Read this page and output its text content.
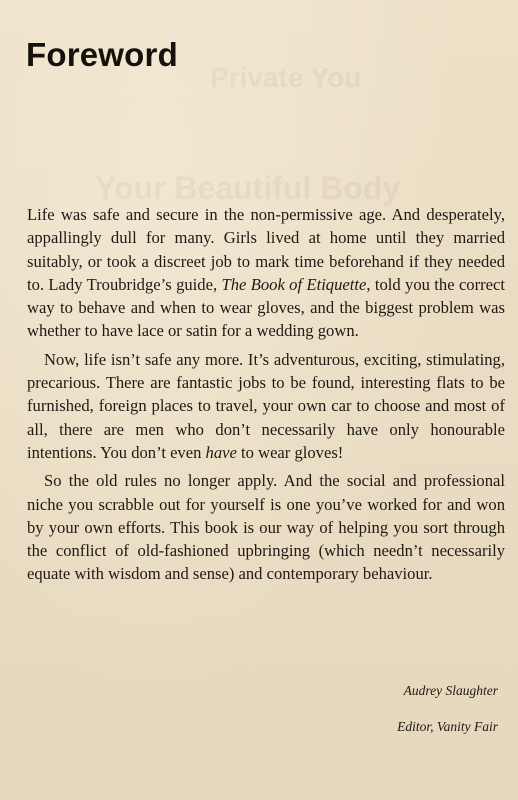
Private You
Your Beautiful Body
Foreword

Life was safe and secure in the non-permissive age. And desperately, appallingly dull for many. Girls lived at home until they married suitably, or took a discreet job to mark time beforehand if they needed to. Lady Troubridge’s guide, The Book of Etiquette, told you the correct way to behave and when to wear gloves, and the biggest problem was whether to have lace or satin for a wedding gown.

Now, life isn’t safe any more. It’s adventurous, exciting, stimulating, precarious. There are fantastic jobs to be found, interesting flats to be furnished, foreign places to travel, your own car to choose and most of all, there are men who don’t necessarily have only honourable intentions. You don’t even have to wear gloves!

So the old rules no longer apply. And the social and professional niche you scrabble out for yourself is one you’ve worked for and won by your own efforts. This book is our way of helping you sort through the conflict of old-fashioned upbringing (which needn’t necessarily equate with wisdom and sense) and contemporary behaviour.

Audrey Slaughter
Editor, Vanity Fair
